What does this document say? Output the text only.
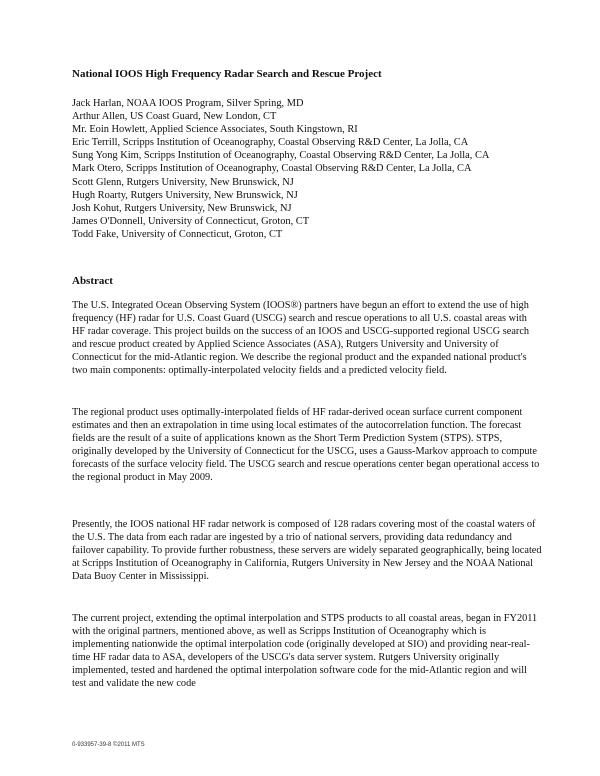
National IOOS High Frequency Radar Search and Rescue Project
Jack Harlan, NOAA IOOS Program, Silver Spring, MD
Arthur Allen, US Coast Guard, New London, CT
Mr. Eoin Howlett, Applied Science Associates, South Kingstown, RI
Eric Terrill, Scripps Institution of Oceanography, Coastal Observing R&D Center, La Jolla, CA
Sung Yong Kim, Scripps Institution of Oceanography, Coastal Observing R&D Center, La Jolla, CA
Mark Otero, Scripps Institution of Oceanography, Coastal Observing R&D Center, La Jolla, CA
Scott Glenn, Rutgers University, New Brunswick, NJ
Hugh Roarty, Rutgers University, New Brunswick, NJ
Josh Kohut, Rutgers University, New Brunswick, NJ
James O'Donnell, University of Connecticut, Groton, CT
Todd Fake, University of Connecticut, Groton, CT
Abstract

The U.S. Integrated Ocean Observing System (IOOS®) partners have begun an effort to extend the use of high frequency (HF) radar for U.S. Coast Guard (USCG) search and rescue operations to all U.S. coastal areas with HF radar coverage. This project builds on the success of an IOOS and USCG-supported regional USCG search and rescue product created by Applied Science Associates (ASA), Rutgers University and University of Connecticut for the mid-Atlantic region. We describe the regional product and the expanded national product's two main components: optimally-interpolated velocity fields and a predicted velocity field.

The regional product uses optimally-interpolated fields of HF radar-derived ocean surface current component estimates and then an extrapolation in time using local estimates of the autocorrelation function. The forecast fields are the result of a suite of applications known as the Short Term Prediction System (STPS). STPS, originally developed by the University of Connecticut for the USCG, uses a Gauss-Markov approach to compute forecasts of the surface velocity field. The USCG search and rescue operations center began operational access to the regional product in May 2009.

Presently, the IOOS national HF radar network is composed of 128 radars covering most of the coastal waters of the U.S. The data from each radar are ingested by a trio of national servers, providing data redundancy and failover capability. To provide further robustness, these servers are widely separated geographically, being located at Scripps Institution of Oceanography in California, Rutgers University in New Jersey and the NOAA National Data Buoy Center in Mississippi.

The current project, extending the optimal interpolation and STPS products to all coastal areas, began in FY2011 with the original partners, mentioned above, as well as Scripps Institution of Oceanography which is implementing nationwide the optimal interpolation code (originally developed at SIO) and providing near-real-time HF radar data to ASA, developers of the USCG's data server system. Rutgers University originally implemented, tested and hardened the optimal interpolation software code for the mid-Atlantic region and will test and validate the new code

0-933957-39-8 ©2011 MTS
